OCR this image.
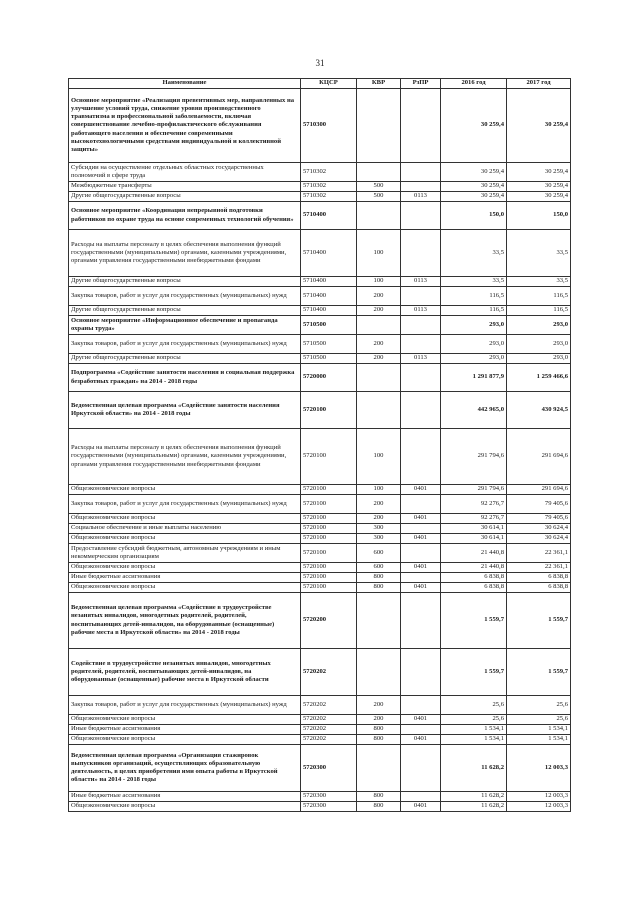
31
Наименование	КЦСР	КВР	РзПР	2016 год	2017 год
Основное мероприятие «Реализация превентивных мер, направленных на улучшение условий труда, снижение уровня производственного травматизма и профессиональной заболеваемости, включая совершенствование лечебно-профилактического обслуживания работающего населения и обеспечение современными высокотехнологичными средствами индивидуальной и коллективной защиты»	5710300			30 259,4	30 259,4
Субсидии на осуществление отдельных областных государственных полномочий в сфере труда	5710302			30 259,4	30 259,4
Межбюджетные трансферты	5710302	500		30 259,4	30 259,4
Другие общегосударственные вопросы	5710302	500	0113	30 259,4	30 259,4
Основное мероприятие «Координация непрерывной подготовки работников по охране труда на основе современных технологий обучения»	5710400			150,0	150,0
Расходы на выплаты персоналу в целях обеспечения выполнения функций государственными (муниципальными) органами, казенными учреждениями, органами управления государственными внебюджетными фондами	5710400	100		33,5	33,5
Другие общегосударственные вопросы	5710400	100	0113	33,5	33,5
Закупка товаров, работ и услуг для государственных (муниципальных) нужд	5710400	200		116,5	116,5
Другие общегосударственные вопросы	5710400	200	0113	116,5	116,5
Основное мероприятие «Информационное обеспечение и пропаганда охраны труда»	5710500			293,0	293,0
Закупка товаров, работ и услуг для государственных (муниципальных) нужд	5710500	200		293,0	293,0
Другие общегосударственные вопросы	5710500	200	0113	293,0	293,0
Подпрограмма «Содействие занятости населения и социальная поддержка безработных граждан» на 2014 - 2018 годы	5720000			1 291 877,9	1 259 466,6
Ведомственная целевая программа «Содействие занятости населения Иркутской области» на 2014 - 2018 годы	5720100			442 965,0	430 924,5
Расходы на выплаты персоналу в целях обеспечения выполнения функций государственными (муниципальными) органами, казенными учреждениями, органами управления государственными внебюджетными фондами	5720100	100		291 794,6	291 694,6
Общеэкономические вопросы	5720100	100	0401	291 794,6	291 694,6
Закупка товаров, работ и услуг для государственных (муниципальных) нужд	5720100	200		92 276,7	79 405,6
Общеэкономические вопросы	5720100	200	0401	92 276,7	79 405,6
Социальное обеспечение и иные выплаты населению	5720100	300		30 614,1	30 624,4
Общеэкономические вопросы	5720100	300	0401	30 614,1	30 624,4
Предоставление субсидий бюджетным, автономным учреждениям и иным некоммерческим организациям	5720100	600		21 440,8	22 361,1
Общеэкономические вопросы	5720100	600	0401	21 440,8	22 361,1
Иные бюджетные ассигнования	5720100	800		6 838,8	6 838,8
Общеэкономические вопросы	5720100	800	0401	6 838,8	6 838,8
Ведомственная целевая программа «Содействие в трудоустройстве незанятых инвалидов, многодетных родителей, родителей, воспитывающих детей-инвалидов, на оборудованные (оснащенные) рабочие места в Иркутской области» на 2014 - 2018 годы	5720200			1 559,7	1 559,7
Содействие в трудоустройстве незанятых инвалидов, многодетных родителей, родителей, воспитывающих детей-инвалидов, на оборудованные (оснащенные) рабочие места в Иркутской области	5720202			1 559,7	1 559,7
Закупка товаров, работ и услуг для государственных (муниципальных) нужд	5720202	200		25,6	25,6
Общеэкономические вопросы	5720202	200	0401	25,6	25,6
Иные бюджетные ассигнования	5720202	800		1 534,1	1 534,1
Общеэкономические вопросы	5720202	800	0401	1 534,1	1 534,1
Ведомственная целевая программа «Организация стажировок выпускников организаций, осуществляющих образовательную деятельность, в целях приобретения ими опыта работы в Иркутской области» на 2014 - 2018 годы	5720300			11 628,2	12 003,3
Иные бюджетные ассигнования	5720300	800		11 628,2	12 003,3
Общеэкономические вопросы	5720300	800	0401	11 628,2	12 003,3
